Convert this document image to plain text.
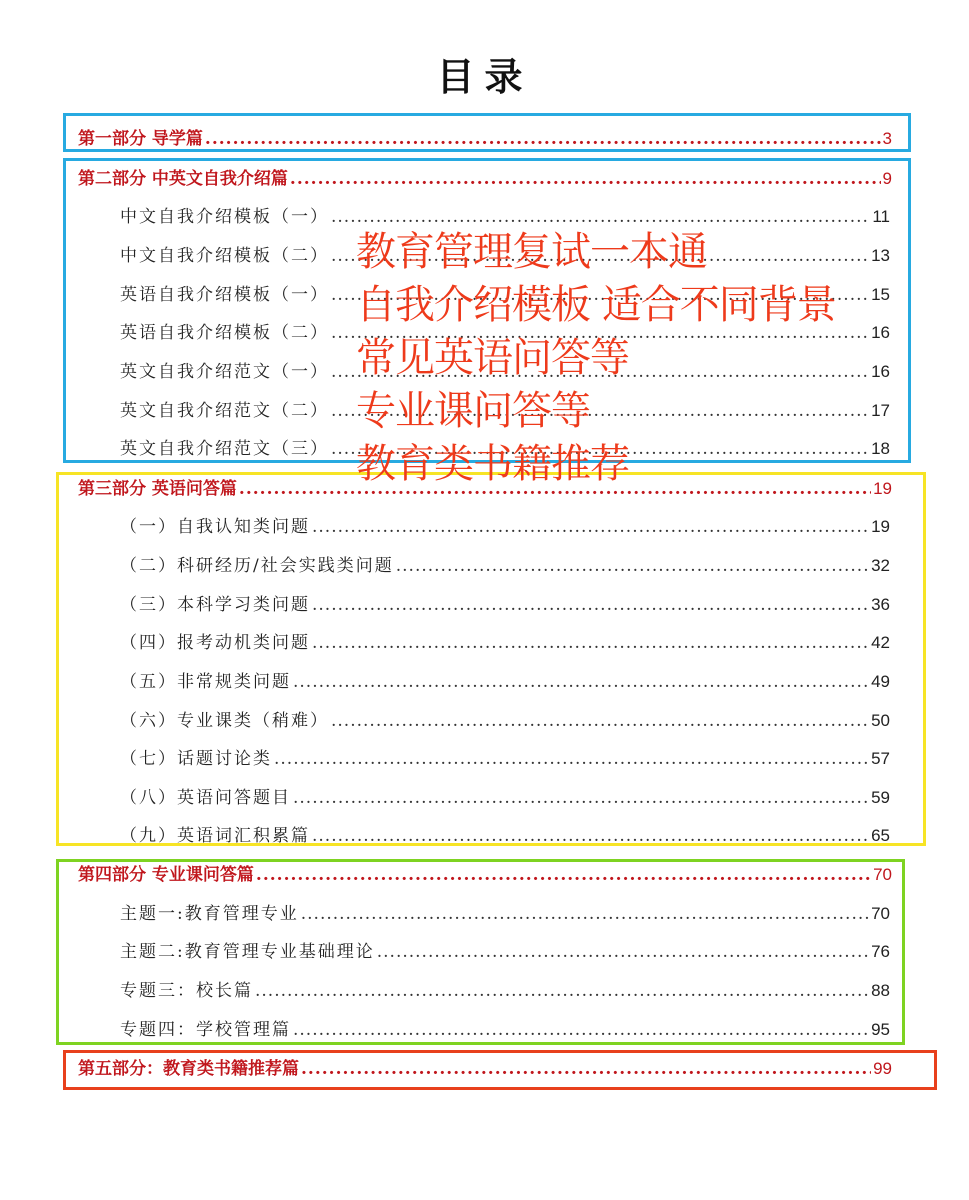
目录
第一部分 导学篇 .....	3
第二部分 中英文自我介绍篇 .....	9
中文自我介绍模板（一） .....	11
中文自我介绍模板（二） .....	13
英语自我介绍模板（一） .....	15
英语自我介绍模板（二） .....	16
英文自我介绍范文（一） .....	16
英文自我介绍范文（二） .....	17
英文自我介绍范文（三） .....	18
第三部分 英语问答篇 .....	19
（一）自我认知类问题 .....	19
（二）科研经历/社会实践类问题 .....	32
（三）本科学习类问题 .....	36
（四）报考动机类问题 .....	42
（五）非常规类问题 .....	49
（六）专业课类（稍难） .....	50
（七）话题讨论类 .....	57
（八）英语问答题目 .....	59
（九）英语词汇积累篇 .....	65
第四部分 专业课问答篇 .....	70
主题一:教育管理专业 .....	70
主题二:教育管理专业基础理论 .....	76
专题三：校长篇 .....	88
专题四：学校管理篇 .....	95
第五部分：教育类书籍推荐篇 .....	99
教育管理复试一本通
自我介绍模板 适合不同背景
常见英语问答等
专业课问答等
教育类书籍推荐
